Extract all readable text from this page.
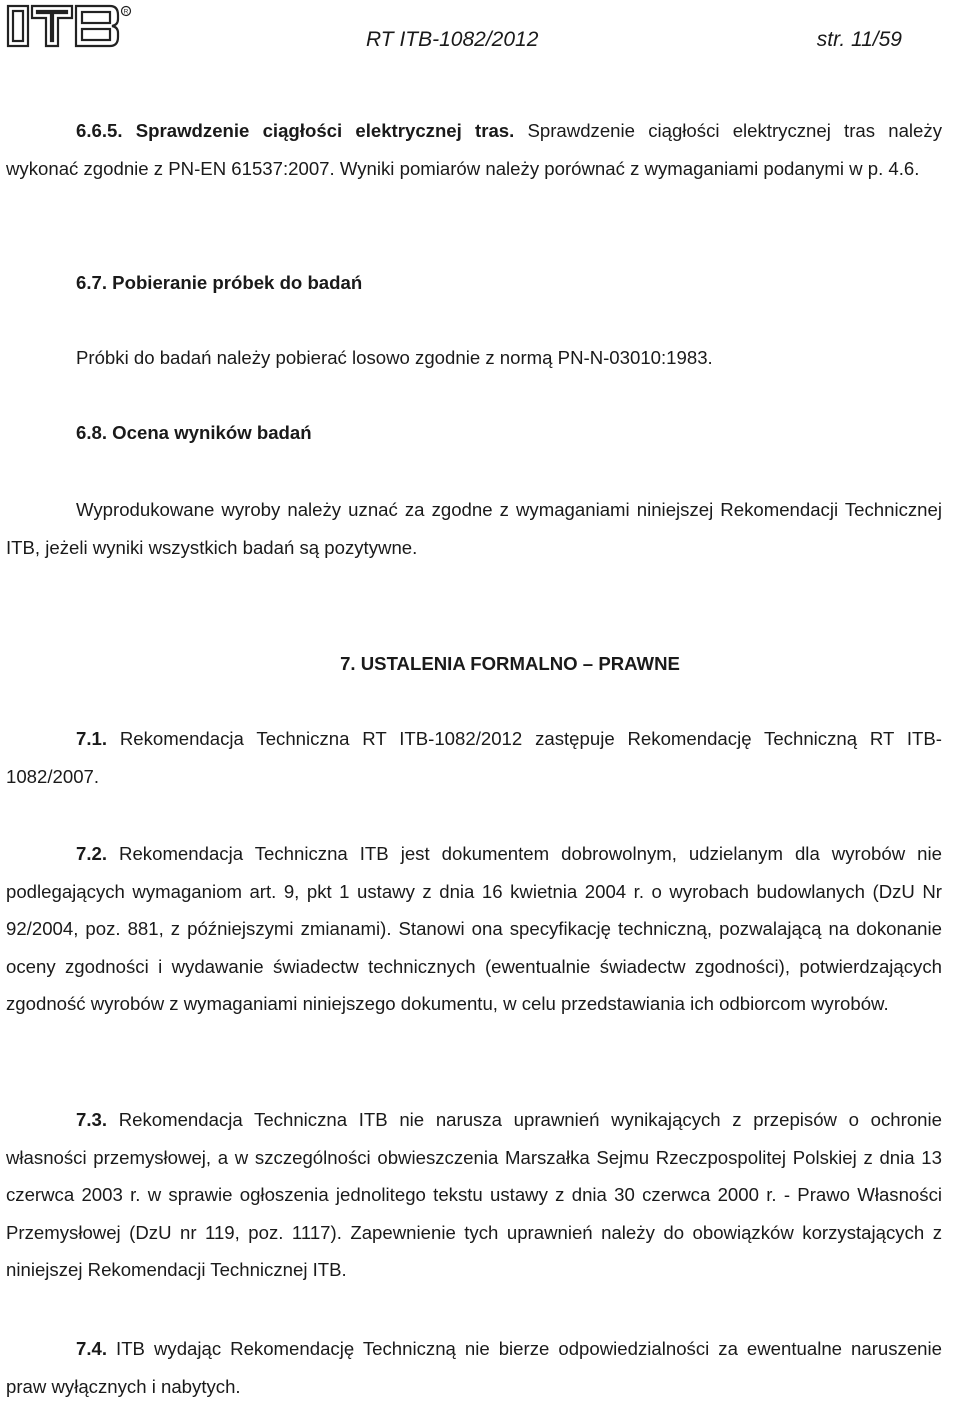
R
RT ITB-1082/2012	str. 11/59
6.6.5. Sprawdzenie ciągłości elektrycznej tras. Sprawdzenie ciągłości elektrycznej tras należy wykonać zgodnie z PN-EN 61537:2007. Wyniki pomiarów należy porównać z wymaganiami podanymi w p. 4.6.
6.7. Pobieranie próbek do badań
Próbki do badań należy pobierać losowo zgodnie z normą PN-N-03010:1983.
6.8. Ocena wyników badań
Wyprodukowane wyroby należy uznać za zgodne z wymaganiami niniejszej Rekomendacji Technicznej ITB, jeżeli wyniki wszystkich badań są pozytywne.
7. USTALENIA FORMALNO – PRAWNE
7.1. Rekomendacja Techniczna RT ITB-1082/2012 zastępuje Rekomendację Techniczną RT ITB-1082/2007.
7.2. Rekomendacja Techniczna ITB jest dokumentem dobrowolnym, udzielanym dla wyrobów nie podlegających wymaganiom art. 9, pkt 1 ustawy z dnia 16 kwietnia 2004 r. o wyrobach budowlanych (DzU Nr 92/2004, poz. 881, z późniejszymi zmianami). Stanowi ona specyfikację techniczną, pozwalającą na dokonanie oceny zgodności i wydawanie świadectw technicznych (ewentualnie świadectw zgodności), potwierdzających zgodność wyrobów z wymaganiami niniejszego dokumentu, w celu przedstawiania ich odbiorcom wyrobów.
7.3. Rekomendacja Techniczna ITB nie narusza uprawnień wynikających z przepisów o ochronie własności przemysłowej, a w szczególności obwieszczenia Marszałka Sejmu Rzeczpospolitej Polskiej z dnia 13 czerwca 2003 r. w sprawie ogłoszenia jednolitego tekstu ustawy z dnia 30 czerwca 2000 r. - Prawo Własności Przemysłowej (DzU nr 119, poz. 1117). Zapewnienie tych uprawnień należy do obowiązków korzystających z niniejszej Rekomendacji Technicznej ITB.
7.4. ITB wydając Rekomendację Techniczną nie bierze odpowiedzialności za ewentualne naruszenie praw wyłącznych i nabytych.
